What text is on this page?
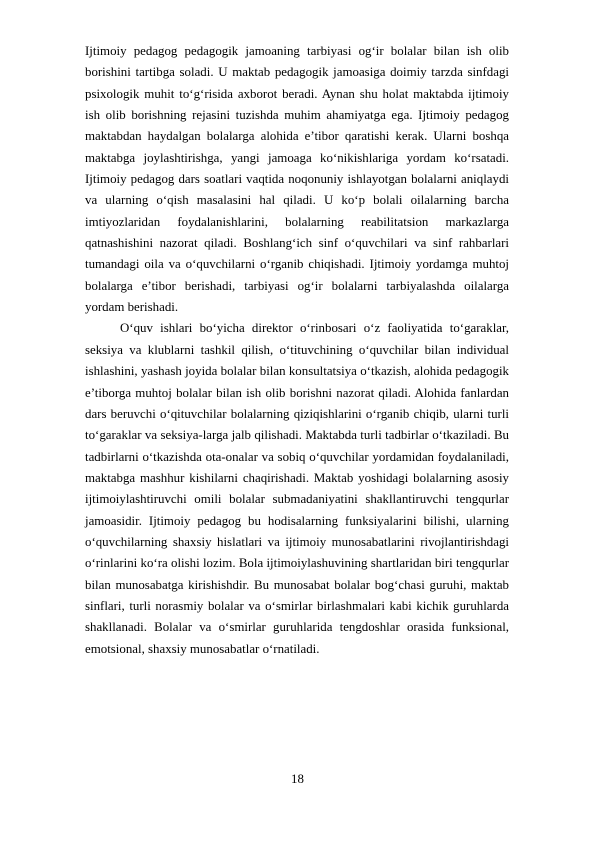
Ijtimoiy pedagog pedagogik jamoaning tarbiyasi og‘ir bolalar bilan ish olib borishini tartibga soladi. U maktab pedagogik jamoasiga doimiy tarzda sinfdagi psixologik muhit to‘g‘risida axborot beradi. Aynan shu holat maktabda ijtimoiy ish olib borishning rejasini tuzishda muhim ahamiyatga ega. Ijtimoiy pedagog maktabdan haydalgan bolalarga alohida e’tibor qaratishi kerak. Ularni boshqa maktabga joylashtirishga, yangi jamoaga ko‘nikishlariga yordam ko‘rsatadi. Ijtimoiy pedagog dars soatlari vaqtida noqonuniy ishlayotgan bolalarni aniqlaydi va ularning o‘qish masalasini hal qiladi. U ko‘p bolali oilalarning barcha imtiyozlaridan foydalanishlarini, bolalarning reabilitatsion markazlarga qatnashishini nazorat qiladi. Boshlang‘ich sinf o‘quvchilari va sinf rahbarlari tumandagi oila va o‘quvchilarni o‘rganib chiqishadi. Ijtimoiy yordamga muhtoj bolalarga e’tibor berishadi, tarbiyasi og‘ir bolalarni tarbiyalashda oilalarga yordam berishadi.

O‘quv ishlari bo‘yicha direktor o‘rinbosari o‘z faoliyatida to‘garaklar, seksiya va klublarni tashkil qilish, o‘tituvchining o‘quvchilar bilan individual ishlashini, yashash joyida bolalar bilan konsultatsiya o‘tkazish, alohida pedagogik e’tiborga muhtoj bolalar bilan ish olib borishni nazorat qiladi. Alohida fanlardan dars beruvchi o‘qituvchilar bolalarning qiziqishlarini o‘rganib chiqib, ularni turli to‘garaklar va seksiya-larga jalb qilishadi. Maktabda turli tadbirlar o‘tkaziladi. Bu tadbirlarni o‘tkazishda ota-onalar va sobiq o‘quvchilar yordamidan foydalaniladi, maktabga mashhur kishilarni chaqirishadi. Maktab yoshidagi bolalarning asosiy ijtimoiylashtiruvchi omili bolalar submadaniyatini shakllantiruvchi tengqurlar jamoasidir. Ijtimoiy pedagog bu hodisalarning funksiyalarini bilishi, ularning o‘quvchilarning shaxsiy hislatlari va ijtimoiy munosabatlarini rivojlantirishdagi o‘rinlarini ko‘ra olishi lozim. Bola ijtimoiylashuvining shartlaridan biri tengqurlar bilan munosabatga kirishishdir. Bu munosabat bolalar bog‘chasi guruhi, maktab sinflari, turli norasmiy bolalar va o‘smirlar birlashmalari kabi kichik guruhlarda shakllanadi. Bolalar va o‘smirlar guruhlarida tengdoshlar orasida funksional, emotsional, shaxsiy munosabatlar o‘rnatiladi.

18
